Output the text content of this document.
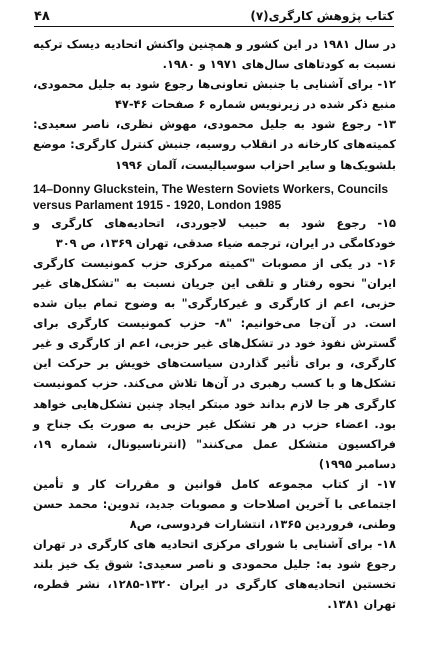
۴۸	کتاب پژوهش کارگری(۷)

در سال ۱۹۸۱ در این کشور و همچنین واکنش اتحادیه دیسک ترکیه نسبت به کودتاهای سال‌های ۱۹۷۱ و ۱۹۸۰.

۱۲- برای آشنایی با جنبش تعاونی‌ها رجوع شود به جلیل محمودی، منبع ذکر شده در زیرنویس شماره ۶ صفحات ۴۶-۴۷

۱۳- رجوع شود به جلیل محمودی، مهوش نظری، ناصر سعیدی: کمیته‌های کارخانه در انقلاب روسیه، جنبش کنترل کارگری: موضع بلشویک‌ها و سایر احزاب سوسیالیست، آلمان ۱۹۹۶

14–Donny Gluckstein, The Western Soviets Workers, Councils versus Parlament 1915 - 1920, London 1985

۱۵- رجوع شود به حبیب لاجوردی، اتحادیه‌های کارگری و خودکامگی در ایران، ترجمه ضیاء صدقی، تهران ۱۳۶۹، ص ۳۰۹

۱۶- در یکی از مصوبات "کمیته مرکزی حزب کمونیست کارگری ایران" نحوه رفتار و تلقی این جریان نسبت به "تشکل‌های غیر حزبی، اعم از کارگری و غیرکارگری" به وضوح تمام بیان شده است. در آن‌جا می‌خوانیم: "۸- حزب کمونیست کارگری برای گسترش نفوذ خود در تشکل‌های غیر حزبی، اعم از کارگری و غیر کارگری، و برای تأثیر گذاردن سیاست‌های خویش بر حرکت این تشکل‌ها و با کسب رهبری در آن‌ها تلاش می‌کند. حزب کمونیست کارگری هر جا لازم بداند خود مبتکر ایجاد چنین تشکل‌هایی خواهد بود. اعضاء حزب در هر تشکل غیر حزبی به صورت یک جناح و فراکسیون متشکل عمل می‌کنند" (انترناسیونال، شماره ۱۹، دسامبر ۱۹۹۵)

۱۷- از کتاب مجموعه کامل قوانین و مقررات کار و تأمین اجتماعی با آخرین اصلاحات و مصوبات جدید، تدوین: محمد حسن وطنی، فروردین ۱۳۶۵، انتشارات فردوسی، ص۸

۱۸- برای آشنایی با شورای مرکزی اتحادیه های کارگری در تهران رجوع شود به: جلیل محمودی و ناصر سعیدی: شوق یک خیز بلند تخستین اتحادیه‌های کارگری در ایران ۱۳۲۰-۱۲۸۵، نشر قطره، تهران ۱۳۸۱.
